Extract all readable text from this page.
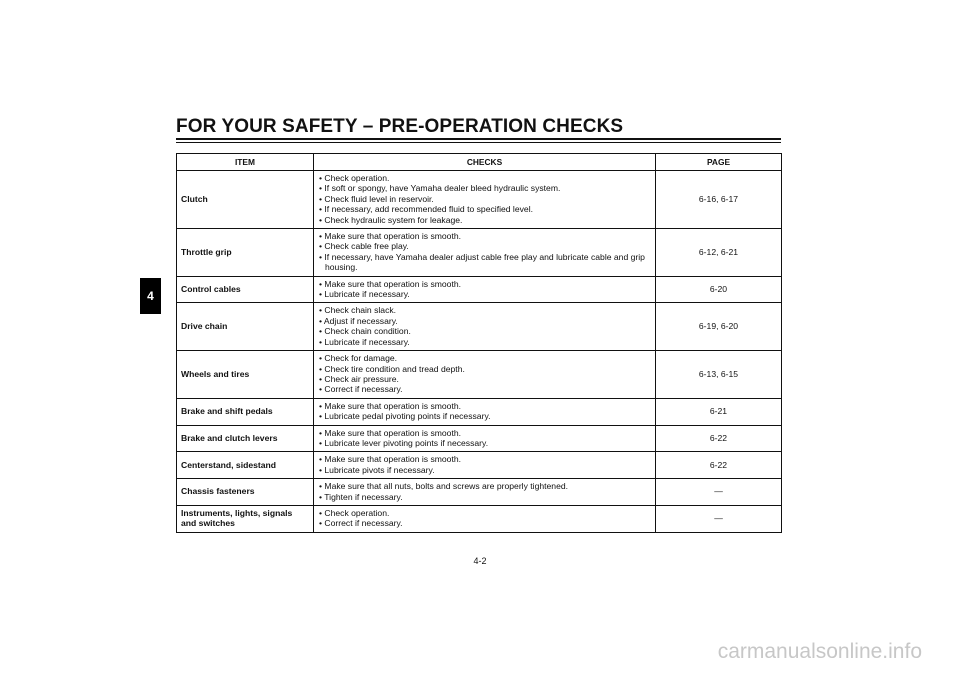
FOR YOUR SAFETY – PRE-OPERATION CHECKS
4
ITEM	CHECKS	PAGE
Clutch	• Check operation.
• If soft or spongy, have Yamaha dealer bleed hydraulic system.
• Check fluid level in reservoir.
• If necessary, add recommended fluid to specified level.
• Check hydraulic system for leakage.	6-16, 6-17
Throttle grip	• Make sure that operation is smooth.
• Check cable free play.
• If necessary, have Yamaha dealer adjust cable free play and lubricate cable and grip housing.	6-12, 6-21
Control cables	• Make sure that operation is smooth.
• Lubricate if necessary.	6-20
Drive chain	• Check chain slack.
• Adjust if necessary.
• Check chain condition.
• Lubricate if necessary.	6-19, 6-20
Wheels and tires	• Check for damage.
• Check tire condition and tread depth.
• Check air pressure.
• Correct if necessary.	6-13, 6-15
Brake and shift pedals	• Make sure that operation is smooth.
• Lubricate pedal pivoting points if necessary.	6-21
Brake and clutch levers	• Make sure that operation is smooth.
• Lubricate lever pivoting points if necessary.	6-22
Centerstand, sidestand	• Make sure that operation is smooth.
• Lubricate pivots if necessary.	6-22
Chassis fasteners	• Make sure that all nuts, bolts and screws are properly tightened.
• Tighten if necessary.	—
Instruments, lights, signals and switches	• Check operation.
• Correct if necessary.	—
4-2
carmanualsonline.info
